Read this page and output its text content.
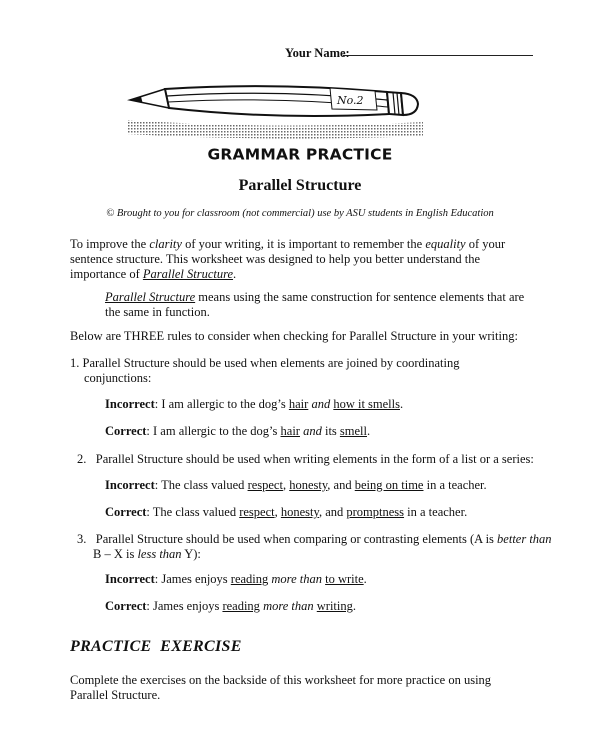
Your Name:
No.2
GRAMMAR PRACTICE
Parallel Structure
© Brought to you for classroom (not commercial) use by ASU students in English Education
To improve the clarity of your writing, it is important to remember the equality of your sentence structure. This worksheet was designed to help you better understand the importance of Parallel Structure.
Parallel Structure means using the same construction for sentence elements that are the same in function.
Below are THREE rules to consider when checking for Parallel Structure in your writing:
1. Parallel Structure should be used when elements are joined by coordinating conjunctions:
Incorrect: I am allergic to the dog’s hair and how it smells.
Correct: I am allergic to the dog’s hair and its smell.
2. Parallel Structure should be used when writing elements in the form of a list or a series:
Incorrect: The class valued respect, honesty, and being on time in a teacher.
Correct: The class valued respect, honesty, and promptness in a teacher.
3. Parallel Structure should be used when comparing or contrasting elements (A is better than B – X is less than Y):
Incorrect: James enjoys reading more than to write.
Correct: James enjoys reading more than writing.
PRACTICE  EXERCISE
Complete the exercises on the backside of this worksheet for more practice on using Parallel Structure.
